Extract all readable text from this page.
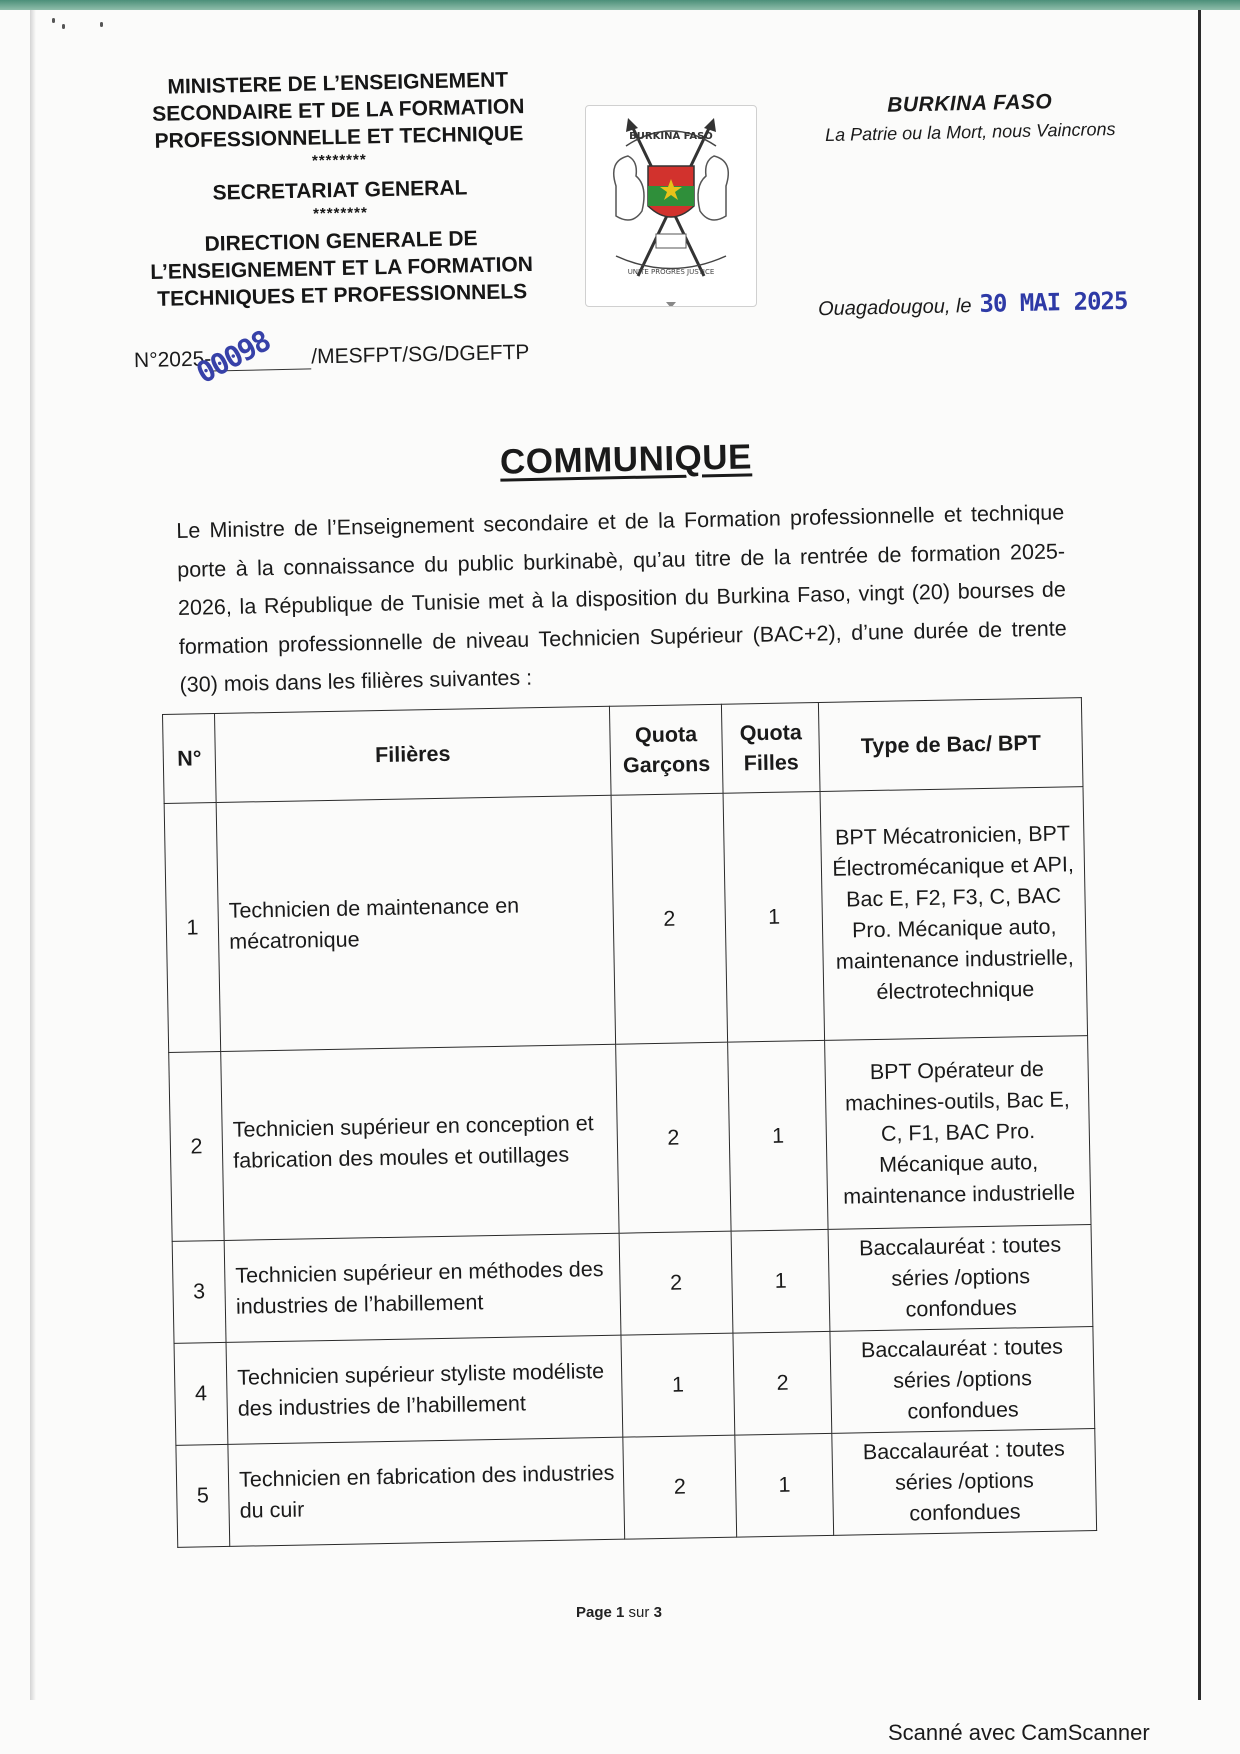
MINISTERE DE L’ENSEIGNEMENT
SECONDAIRE ET DE LA FORMATION
PROFESSIONNELLE ET TECHNIQUE
********
SECRETARIAT GENERAL
********
DIRECTION GENERALE DE
L’ENSEIGNEMENT ET LA FORMATION
TECHNIQUES ET PROFESSIONNELS
N°2025-	/MESFPT/SG/DGEFTP
00098
BURKINA FASO
UNITE PROGRES JUSTICE
BURKINA FASO
La Patrie ou la Mort, nous Vaincrons
Ouagadougou, le 30 MAI 2025
COMMUNIQUE
Le Ministre de l’Enseignement secondaire et de la Formation professionnelle et technique porte à la connaissance du public burkinabè, qu’au titre de la rentrée de formation 2025-2026, la République de Tunisie met à la disposition du Burkina Faso, vingt (20) bourses de formation professionnelle de niveau Technicien Supérieur (BAC+2), d’une durée de trente (30) mois dans les filières suivantes :
N°	Filières	Quota Garçons	Quota Filles	Type de Bac/ BPT
1	Technicien de maintenance en mécatronique	2	1	BPT Mécatronicien, BPT Électromécanique et API, Bac E, F2, F3, C, BAC Pro. Mécanique auto, maintenance industrielle, électrotechnique
2	Technicien supérieur en conception et fabrication des moules et outillages	2	1	BPT Opérateur de machines-outils, Bac E, C, F1, BAC Pro. Mécanique auto, maintenance industrielle
3	Technicien supérieur en méthodes des industries de l’habillement	2	1	Baccalauréat : toutes séries /options confondues
4	Technicien supérieur styliste modéliste des industries de l’habillement	1	2	Baccalauréat : toutes séries /options confondues
5	Technicien en fabrication des industries du cuir	2	1	Baccalauréat : toutes séries /options confondues
Page 1 sur 3
Scanné avec CamScanner
